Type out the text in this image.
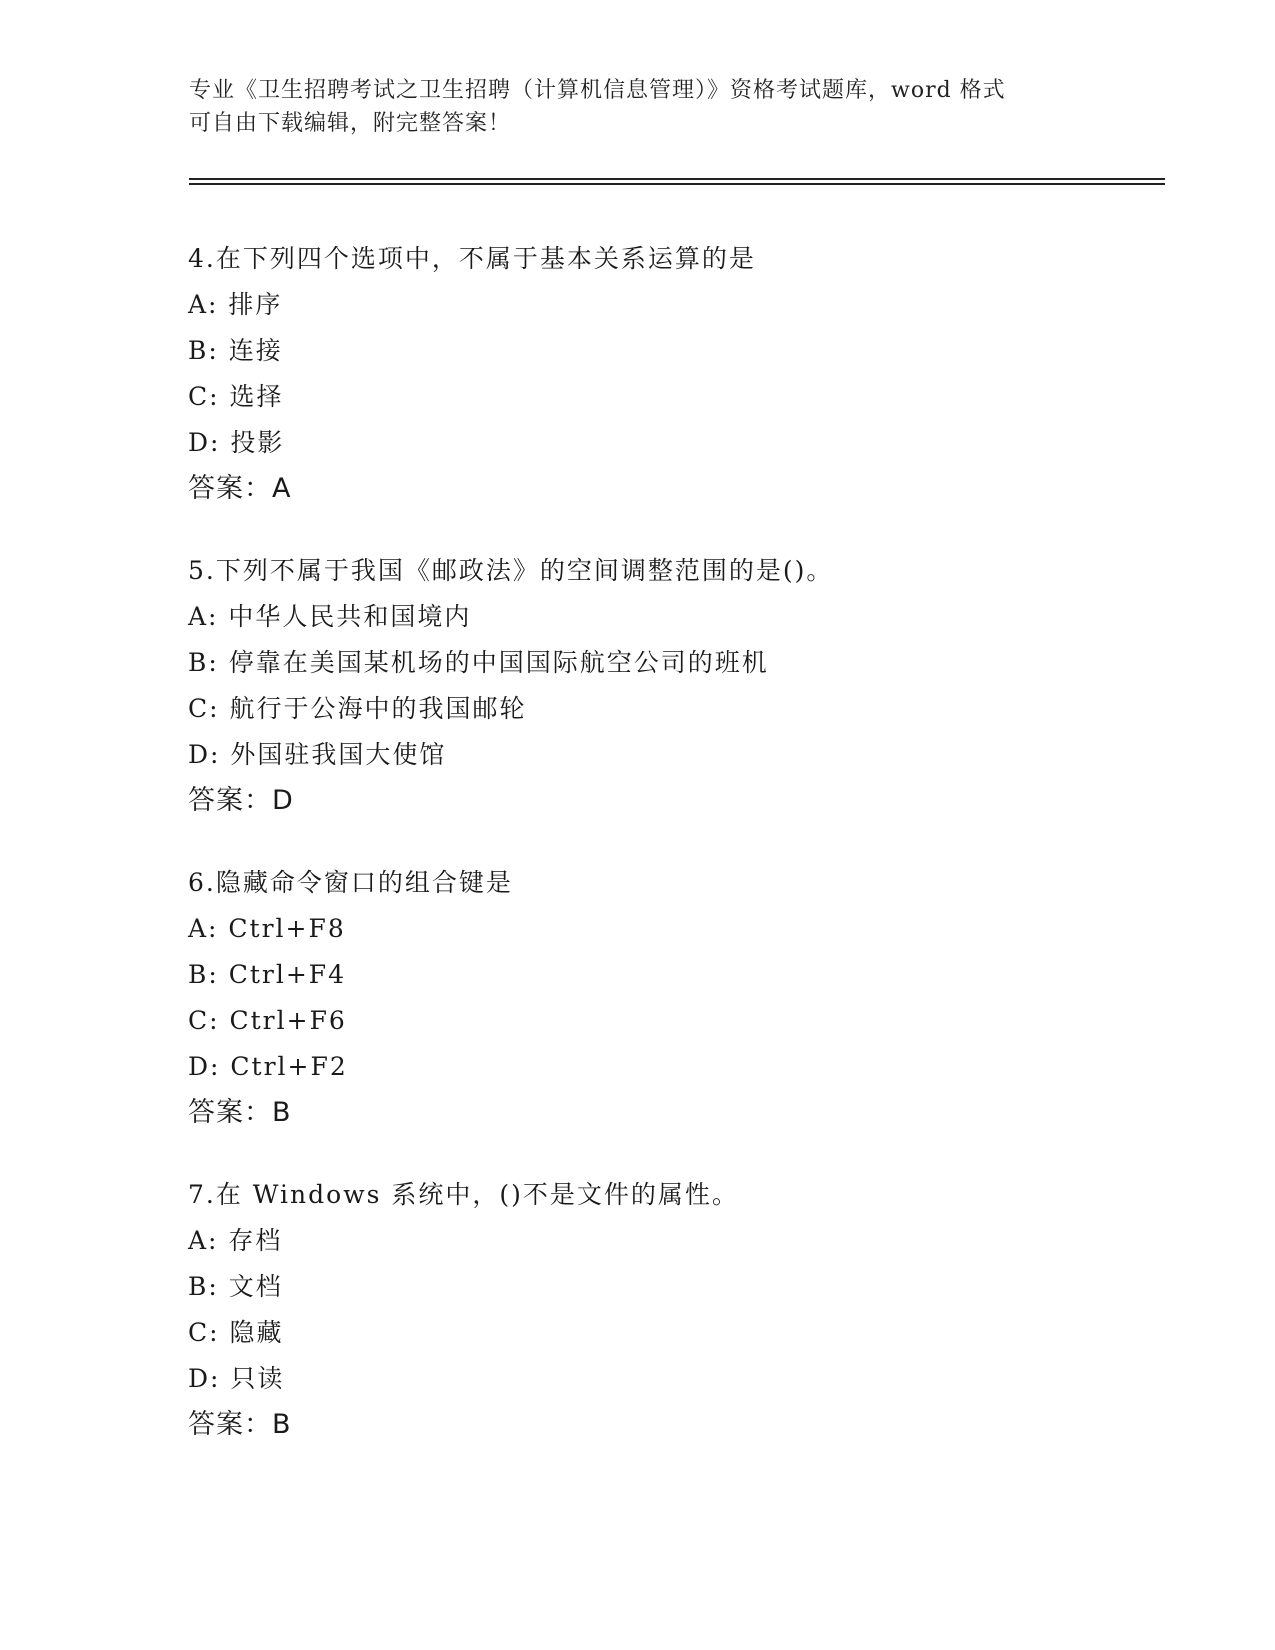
专业《卫生招聘考试之卫生招聘（计算机信息管理）》资格考试题库，word 格式
可自由下载编辑，附完整答案！
4.在下列四个选项中，不属于基本关系运算的是
A: 排序
B: 连接
C: 选择
D: 投影
答案：A
5.下列不属于我国《邮政法》的空间调整范围的是()。
A: 中华人民共和国境内
B: 停靠在美国某机场的中国国际航空公司的班机
C: 航行于公海中的我国邮轮
D: 外国驻我国大使馆
答案：D
6.隐藏命令窗口的组合键是
A: Ctrl+F8
B: Ctrl+F4
C: Ctrl+F6
D: Ctrl+F2
答案：B
7.在 Windows 系统中，()不是文件的属性。
A: 存档
B: 文档
C: 隐藏
D: 只读
答案：B
